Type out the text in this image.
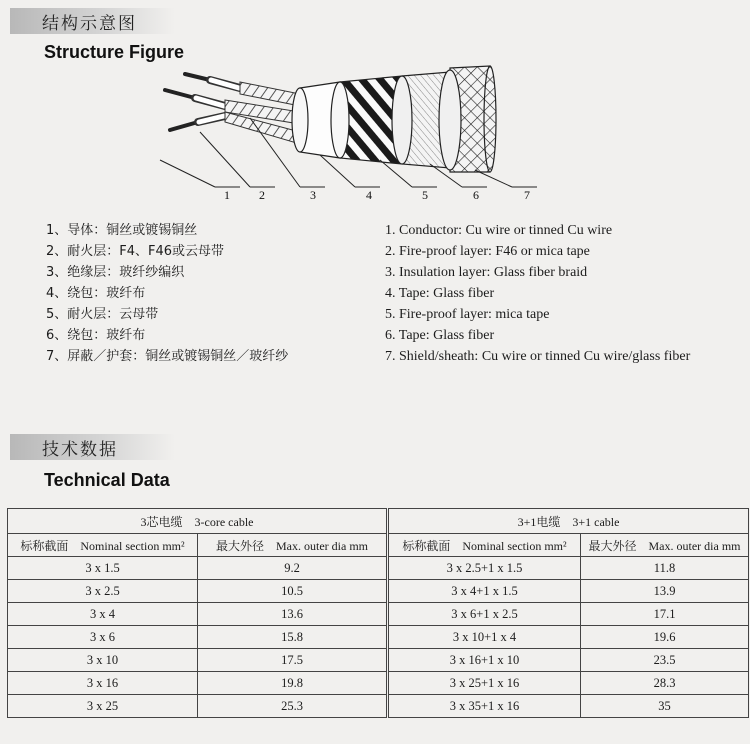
结构示意图
Structure Figure
1 2	3	4	5	6	7
1、导体：铜丝或镀锡铜丝
2、耐火层：F4、F46或云母带
3、绝缘层：玻纤纱编织
4、绕包：玻纤布
5、耐火层：云母带
6、绕包：玻纤布
7、屏蔽／护套：铜丝或镀锡铜丝／玻纤纱
1. Conductor: Cu wire or tinned Cu wire
2. Fire-proof layer: F46 or mica tape
3. Insulation layer: Glass fiber braid
4. Tape: Glass fiber
5. Fire-proof layer: mica tape
6. Tape: Glass fiber
7. Shield/sheath: Cu wire or tinned Cu wire/glass fiber
技术数据
Technical Data
3芯电缆　3-core cable		3+1电缆　3+1 cable	
标称截面　Nominal section mm²	最大外径　Max. outer dia mm	标称截面　Nominal section mm²	最大外径　Max. outer dia mm
3 x 1.5	9.2	3 x 2.5+1 x 1.5	11.8
3 x 2.5	10.5	3 x 4+1 x 1.5	13.9
3 x 4	13.6	3 x 6+1 x 2.5	17.1
3 x 6	15.8	3 x 10+1 x 4	19.6
3 x 10	17.5	3 x 16+1 x 10	23.5
3 x 16	19.8	3 x 25+1 x 16	28.3
3 x 25	25.3	3 x 35+1 x 16	35
